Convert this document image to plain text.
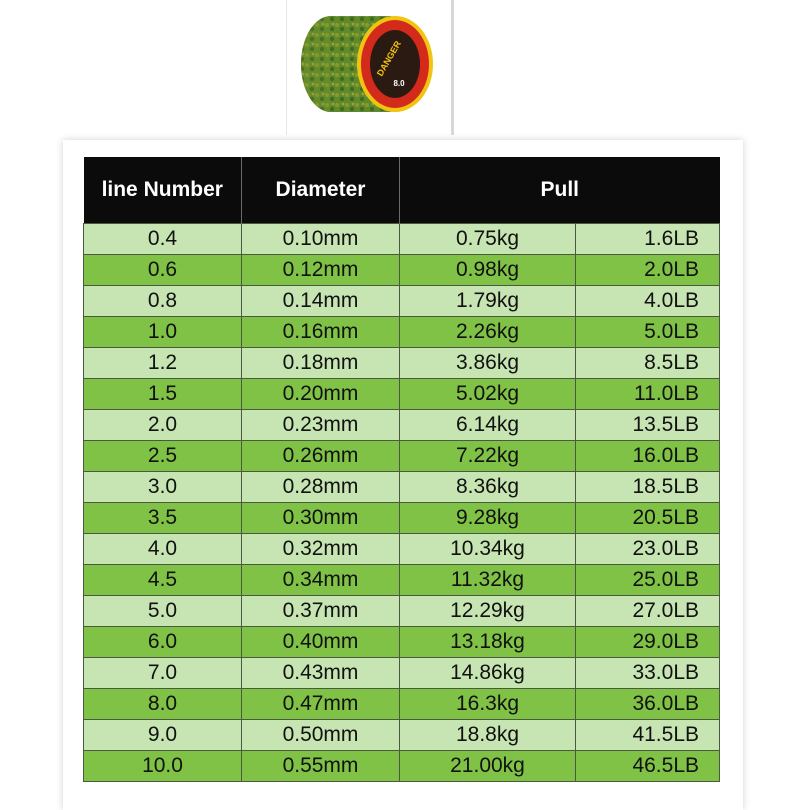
DANGER
8.0
line Number	Diameter	Pull	
0.4	0.10mm	0.75kg	1.6LB
0.6	0.12mm	0.98kg	2.0LB
0.8	0.14mm	1.79kg	4.0LB
1.0	0.16mm	2.26kg	5.0LB
1.2	0.18mm	3.86kg	8.5LB
1.5	0.20mm	5.02kg	11.0LB
2.0	0.23mm	6.14kg	13.5LB
2.5	0.26mm	7.22kg	16.0LB
3.0	0.28mm	8.36kg	18.5LB
3.5	0.30mm	9.28kg	20.5LB
4.0	0.32mm	10.34kg	23.0LB
4.5	0.34mm	11.32kg	25.0LB
5.0	0.37mm	12.29kg	27.0LB
6.0	0.40mm	13.18kg	29.0LB
7.0	0.43mm	14.86kg	33.0LB
8.0	0.47mm	16.3kg	36.0LB
9.0	0.50mm	18.8kg	41.5LB
10.0	0.55mm	21.00kg	46.5LB
